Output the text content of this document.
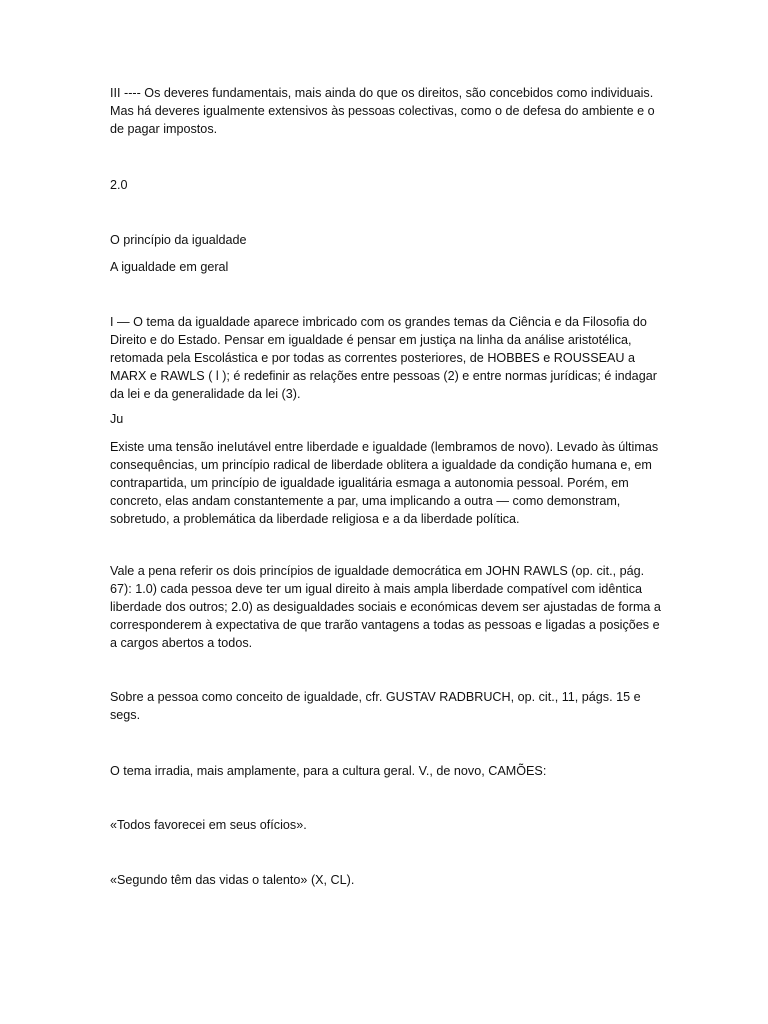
III ---- Os deveres fundamentais, mais ainda do que os direitos, são concebidos como individuais. Mas há deveres igualmente extensivos às pessoas colectivas, como o de defesa do ambiente e o de pagar impostos.

2.0

O princípio da igualdade

A igualdade em geral

I — O tema da igualdade aparece imbricado com os grandes temas da Ciência e da Filosofia do Direito e do Estado. Pensar em igualdade é pensar em justiça na linha da análise aristotélica, retomada pela Escolástica e por todas as correntes posteriores, de HOBBES e ROUSSEAU a MARX e RAWLS ( l ); é redefinir as relações entre pessoas (2) e entre normas jurídicas; é indagar da lei e da generalidade da lei (3).

Ju

Existe uma tensão ineIutável entre liberdade e igualdade (lembramos de novo). Levado às últimas consequências, um princípio radical de liberdade oblitera a igualdade da condição humana e, em contrapartida, um princípio de igualdade igualitária esmaga a autonomia pessoal. Porém, em concreto, elas andam constantemente a par, uma implicando a outra — como demonstram, sobretudo, a problemática da liberdade religiosa e a da liberdade política.

Vale a pena referir os dois princípios de igualdade democrática em JOHN RAWLS (op. cit., pág. 67): 1.0) cada pessoa deve ter um igual direito à mais ampla liberdade compatível com idêntica liberdade dos outros; 2.0) as desigualdades sociais e económicas devem ser ajustadas de forma a corresponderem à expectativa de que trarão vantagens a todas as pessoas e ligadas a posições e a cargos abertos a todos.

Sobre a pessoa como conceito de igualdade, cfr. GUSTAV RADBRUCH, op. cit., 11, págs. 15 e segs.

O tema irradia, mais amplamente, para a cultura geral. V., de novo, CAMÕES:

«Todos favorecei em seus ofícios».

«Segundo têm das vidas o talento» (X, CL).
